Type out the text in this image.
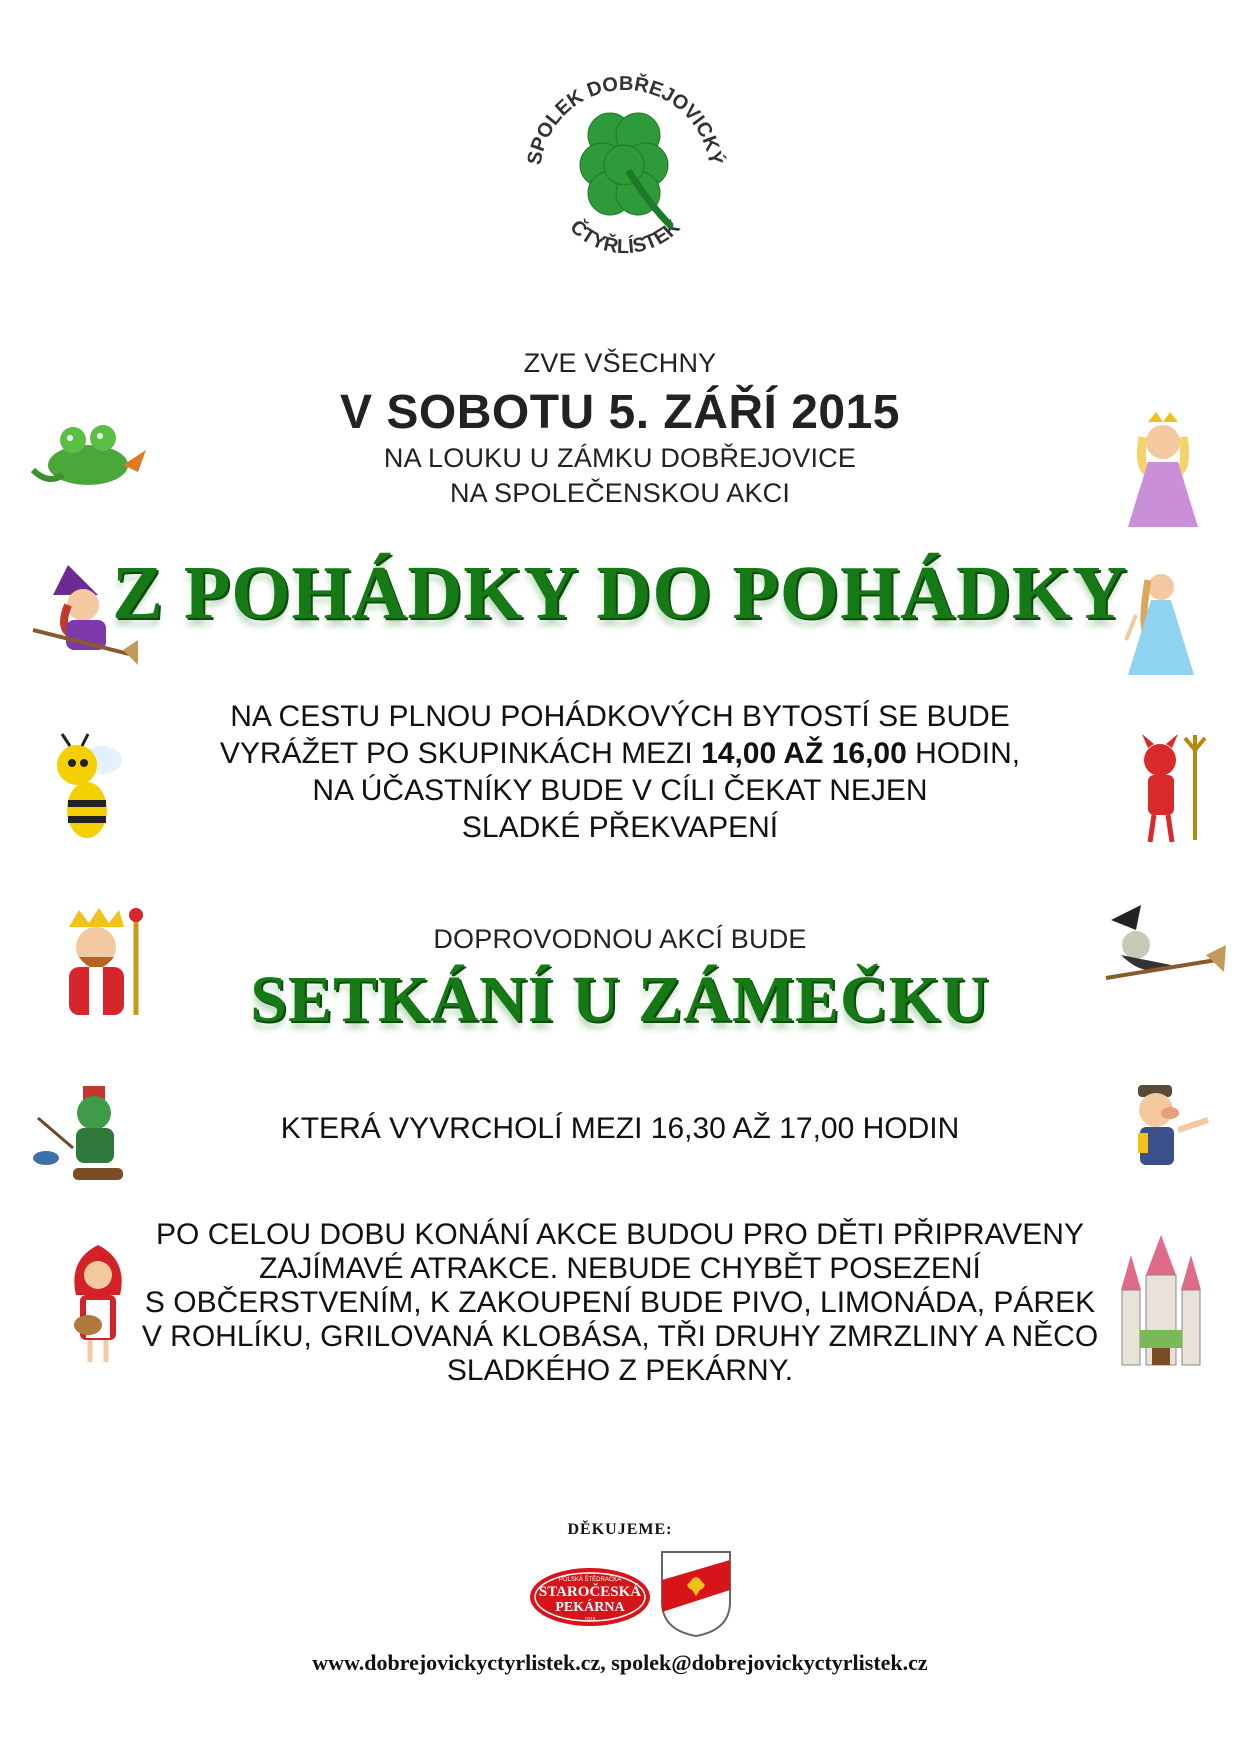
SPOLEK DOBŘEJOVICKÝ
ČTYŘLÍSTEK
ZVE VŠECHNY
V SOBOTU 5. ZÁŘÍ 2015
NA LOUKU U ZÁMKU DOBŘEJOVICE
NA SPOLEČENSKOU AKCI
Z POHÁDKY DO POHÁDKY
NA CESTU PLNOU POHÁDKOVÝCH BYTOSTÍ SE BUDE
VYRÁŽET PO SKUPINKÁCH MEZI 14,00 AŽ 16,00 HODIN,
NA ÚČASTNÍKY BUDE V CÍLI ČEKAT NEJEN
SLADKÉ PŘEKVAPENÍ
DOPROVODNOU AKCÍ BUDE
SETKÁNÍ U ZÁMEČKU
KTERÁ VYVRCHOLÍ MEZI 16,30 AŽ 17,00 HODIN
PO CELOU DOBU KONÁNÍ AKCE BUDOU PRO DĚTI PŘIPRAVENY
ZAJÍMAVÉ ATRAKCE. NEBUDE CHYBĚT POSEZENÍ
S OBČERSTVENÍM, K ZAKOUPENÍ BUDE PIVO, LIMONÁDA, PÁREK
V ROHLÍKU, GRILOVANÁ KLOBÁSA, TŘI DRUHY ZMRZLINY A NĚCO
SLADKÉHO Z PEKÁRNY.
DĚKUJEME:
POLSKÁ ŠTĚDRAČKA
STAROČESKÁ
PEKÁRNA
1916
www.dobrejovickyctyrlistek.cz, spolek@dobrejovickyctyrlistek.cz
